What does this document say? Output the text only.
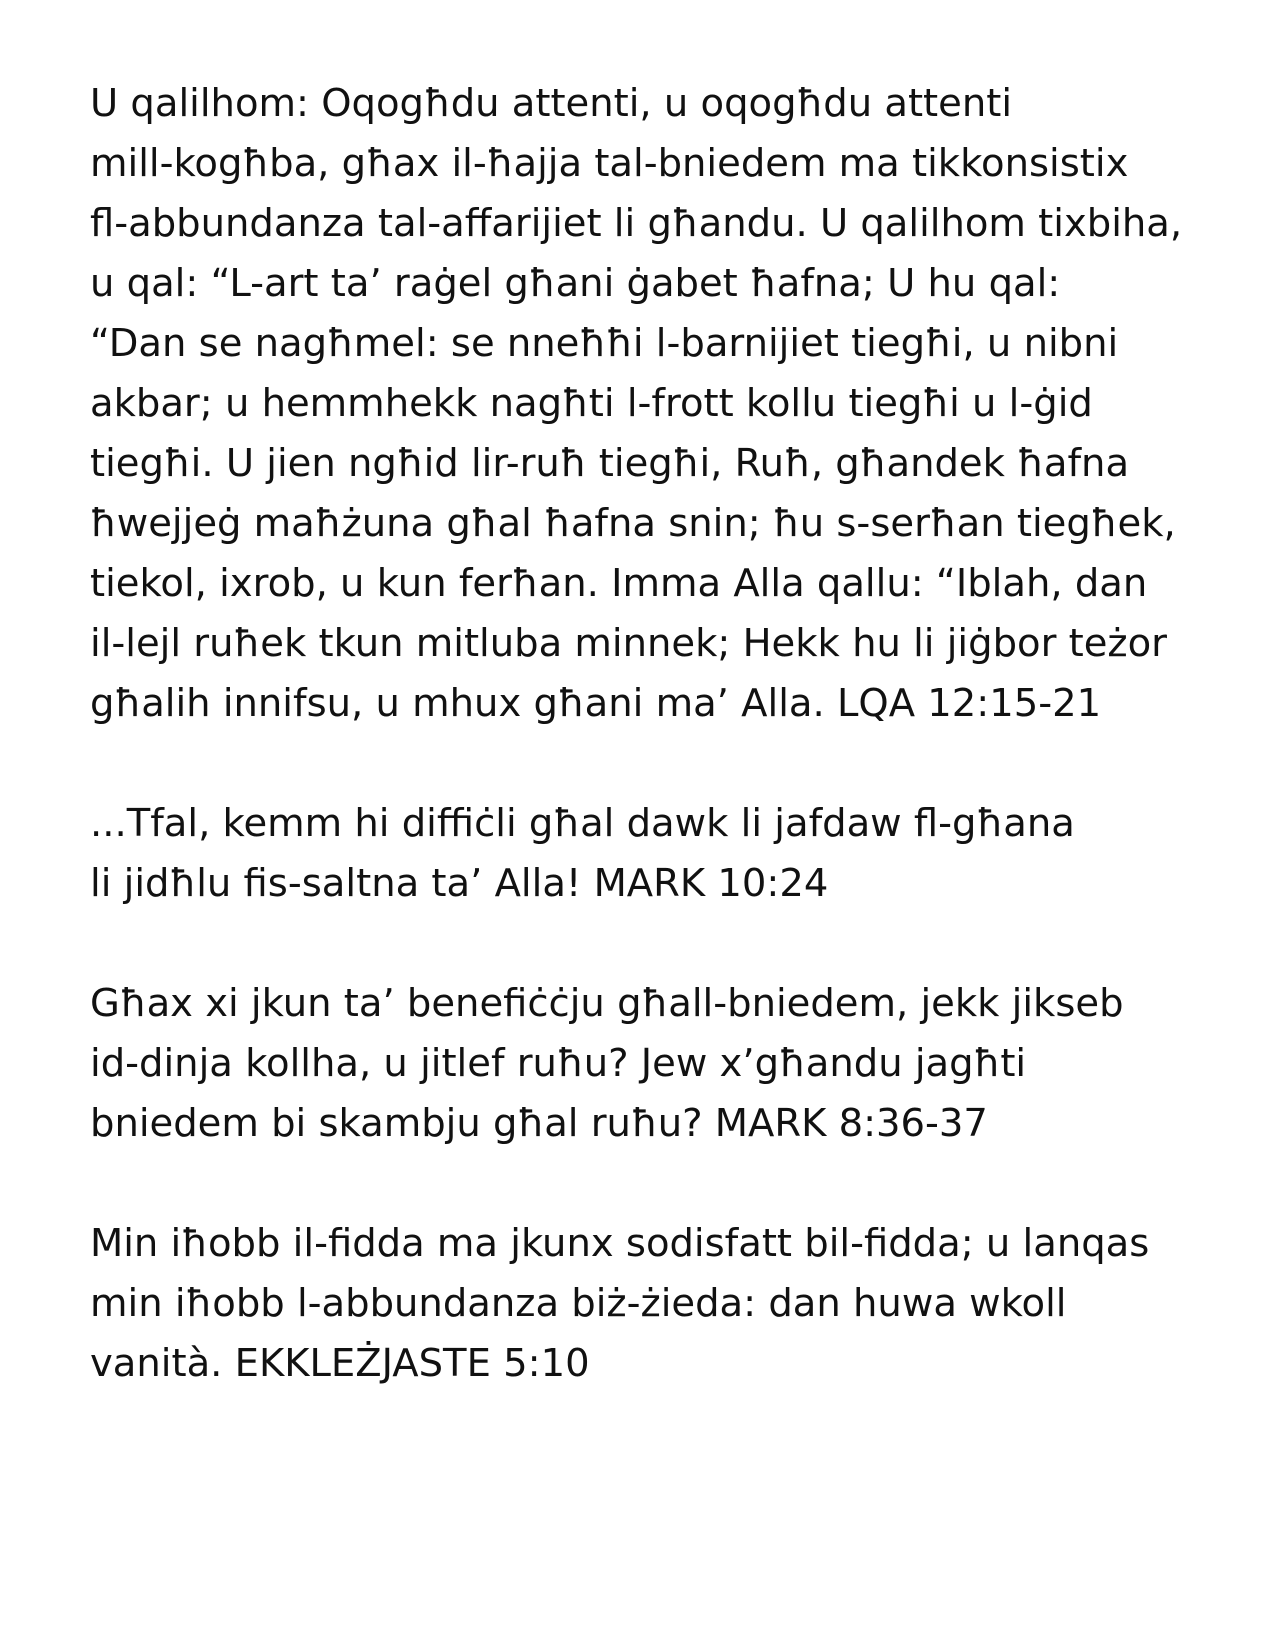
U qalilhom: Oqogħdu attenti, u oqogħdu attenti
mill-kogħba, għax il-ħajja tal-bniedem ma tikkonsistix
fl-abbundanza tal-affarijiet li għandu. U qalilhom tixbiha,
u qal: “L-art ta’ raġel għani ġabet ħafna; U hu qal:
“Dan se nagħmel: se nneħħi l-barnijiet tiegħi, u nibni
akbar; u hemmhekk nagħti l-frott kollu tiegħi u l-ġid
tiegħi. U jien ngħid lir-ruħ tiegħi, Ruħ, għandek ħafna
ħwejjeġ maħżuna għal ħafna snin; ħu s-serħan tiegħek,
tiekol, ixrob, u kun ferħan. Imma Alla qallu: “Iblah, dan
il-lejl ruħek tkun mitluba minnek; Hekk hu li jiġbor teżor
għalih innifsu, u mhux għani ma’ Alla. LQA 12:15-21

...Tfal, kemm hi diffiċli għal dawk li jafdaw fl-għana
li jidħlu fis-saltna ta’ Alla! MARK 10:24

Għax xi jkun ta’ benefiċċju għall-bniedem, jekk jikseb
id-dinja kollha, u jitlef ruħu? Jew x’għandu jagħti
bniedem bi skambju għal ruħu? MARK 8:36-37

Min iħobb il-fidda ma jkunx sodisfatt bil-fidda; u lanqas
min iħobb l-abbundanza biż-żieda: dan huwa wkoll
vanità. EKKLEŻJASTE 5:10
